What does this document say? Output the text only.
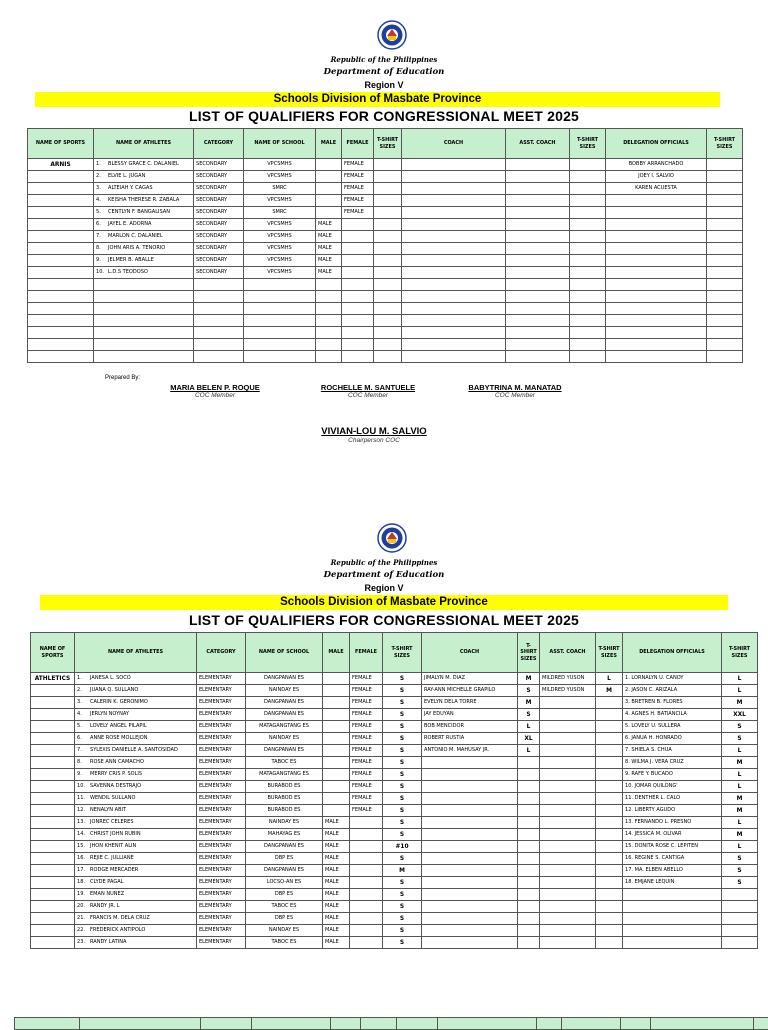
Republic of the Philippines
Department of Education
Region V
Schools Division of Masbate Province
LIST OF QUALIFIERS FOR CONGRESSIONAL MEET 2025
NAME OF SPORTS	NAME OF ATHLETES	CATEGORY	NAME OF SCHOOL	MALE	FEMALE	T-SHIRT SIZES	COACH	ASST. COACH	T-SHIRT SIZES	DELEGATION OFFICIALS	T-SHIRT SIZES
ARNIS	1. BLESSY GRACE C. DALANIEL	SECONDARY	VPCSMHS		FEMALE					BOBBY ARRANCHADO	
	2. ELVIE L. JUGAN	SECONDARY	VPCSMHS		FEMALE					JOEY I. SALVIO	
	3. ALTEIAH Y. CAGAS	SECONDARY	SMRC		FEMALE					KAREN ACUESTA	
	4. KEISHA THERESE R. ZABALA	SECONDARY	VPCSMHS		FEMALE						
	5. CENTLYN F. BANGALISAN	SECONDARY	SMRC		FEMALE						
	6. JAYEL E. ADORNA	SECONDARY	VPCSMHS	MALE							
	7. MARLON C. DALANIEL	SECONDARY	VPCSMHS	MALE							
	8. JOHN ARIS A. TENORIO	SECONDARY	VPCSMHS	MALE							
	9. JELMER B. ABALLE	SECONDARY	VPCSMHS	MALE							
	10. L.D.S TEODOSO	SECONDARY	VPCSMHS	MALE							

Prepared By:
MARIA BELEN P. ROQUE
COC Member
ROCHELLE M. SANTUELE
COC Member
BABYTRINA M. MANATAD
COC Member
VIVIAN-LOU M. SALVIO
Chairperson COC
Republic of the Philippines
Department of Education
Region V
Schools Division of Masbate Province
LIST OF QUALIFIERS FOR CONGRESSIONAL MEET 2025
NAME OF SPORTS	NAME OF ATHLETES	CATEGORY	NAME OF SCHOOL	MALE	FEMALE	T-SHIRT SIZES	COACH	T-SHIRT SIZES	ASST. COACH	T-SHIRT SIZES	DELEGATION OFFICIALS	T-SHIRT SIZES
ATHLETICS	1. JANESA L. SOCO	ELEMENTARY	DANGPANAN ES		FEMALE	S	JIMALYN M. DIAZ	M	MILDRED YUSON	L	1. LORNALYN U. CANOY	L
	2. JUANA Q. SULLANO	ELEMENTARY	NAINDAY ES		FEMALE	S	RAY-ANN MICHELLE GRAPILO	S	MILDRED YUSON	M	2. JASON C. ARIZALA	L
	3. CALERIN K. GERONIMO	ELEMENTARY	DANGPANAN ES		FEMALE	S	EVELYN DELA TORRE	M			3. BRETREN B. FLORES	M
	4. JERLYN NOYNAY	ELEMENTARY	DANGPANAN ES		FEMALE	S	JAY EDUYAN	S			4. AGNES H. BATIANCILA	XXL
	5. LOVELY ANGEL PILAPIL	ELEMENTARY	MATAGANGTANG ES		FEMALE	S	BOB MENCIDOR	L			5. LOVELY U. SULLERA	S
	6. ANNE ROSE MOLLEJON	ELEMENTARY	NAINDAY ES		FEMALE	S	ROBERT RUSTIA	XL			6. JANUA H. HONRADO	S
	7. SYLEXIS DANIELLE A. SANTOSIDAD	ELEMENTARY	DANGPANAN ES		FEMALE	S	ANTONIO M. MAHUSAY JR.	L			7. SHIELA S. CHUA	L
	8. ROSE ANN CAMACHO	ELEMENTARY	TABOC ES		FEMALE	S					8. WILMA J. VERA CRUZ	M
	9. MERRY CRIS P. SOLIS	ELEMENTARY	MATAGANGTANG ES		FEMALE	S					9. RAFE Y. BUCADO	L
	10. SAVENNA DESTRAJO	ELEMENTARY	BURABOD ES		FEMALE	S					10. JOMAR QUILONG'	L
	11. WENDIL SULLANO	ELEMENTARY	BURABOD ES		FEMALE	S					11. DENTHER L. CALO	M
	12. NENALYN ABIT	ELEMENTARY	BURABOD ES		FEMALE	S					12. LIBERTY AGUDO	M
	13. JONREC CELERES	ELEMENTARY	NAINDAY ES	MALE		S					13. FERNANDO L. PRESNO	L
	14. CHRIST JOHN RUBIN	ELEMENTARY	MAHAYAG ES	MALE		S					14. JESSICA M. OLIVAR	M
	15. JHON KHENIT ALIN	ELEMENTARY	DANGPANAN ES	MALE		#10					15. DONITA ROSE C. LEPITEN	L
	16. REJIE C. JULLIANE	ELEMENTARY	DBP ES	MALE		S					16. REGINE S. CANTIGA	S
	17. RODGE MERCADER	ELEMENTARY	DANGPANAN ES	MALE		M					17. MA. ELBEN ABELLO	S
	18. CLYDE PAGAL	ELEMENTARY	LOCSO-AN ES	MALE		S					18. EMJANE LEQUIN	S
	19. EMAN NUNEZ	ELEMENTARY	DBP ES	MALE		S						
	20. RANDY JR. L	ELEMENTARY	TABOC ES	MALE		S						
	21. FRANCIS M. DELA CRUZ	ELEMENTARY	DBP ES	MALE		S						
	22. FREDERICK ANTIPOLO	ELEMENTARY	NAINDAY ES	MALE		S						
	23. RANDY LATINA	ELEMENTARY	TABOC ES	MALE		S						
